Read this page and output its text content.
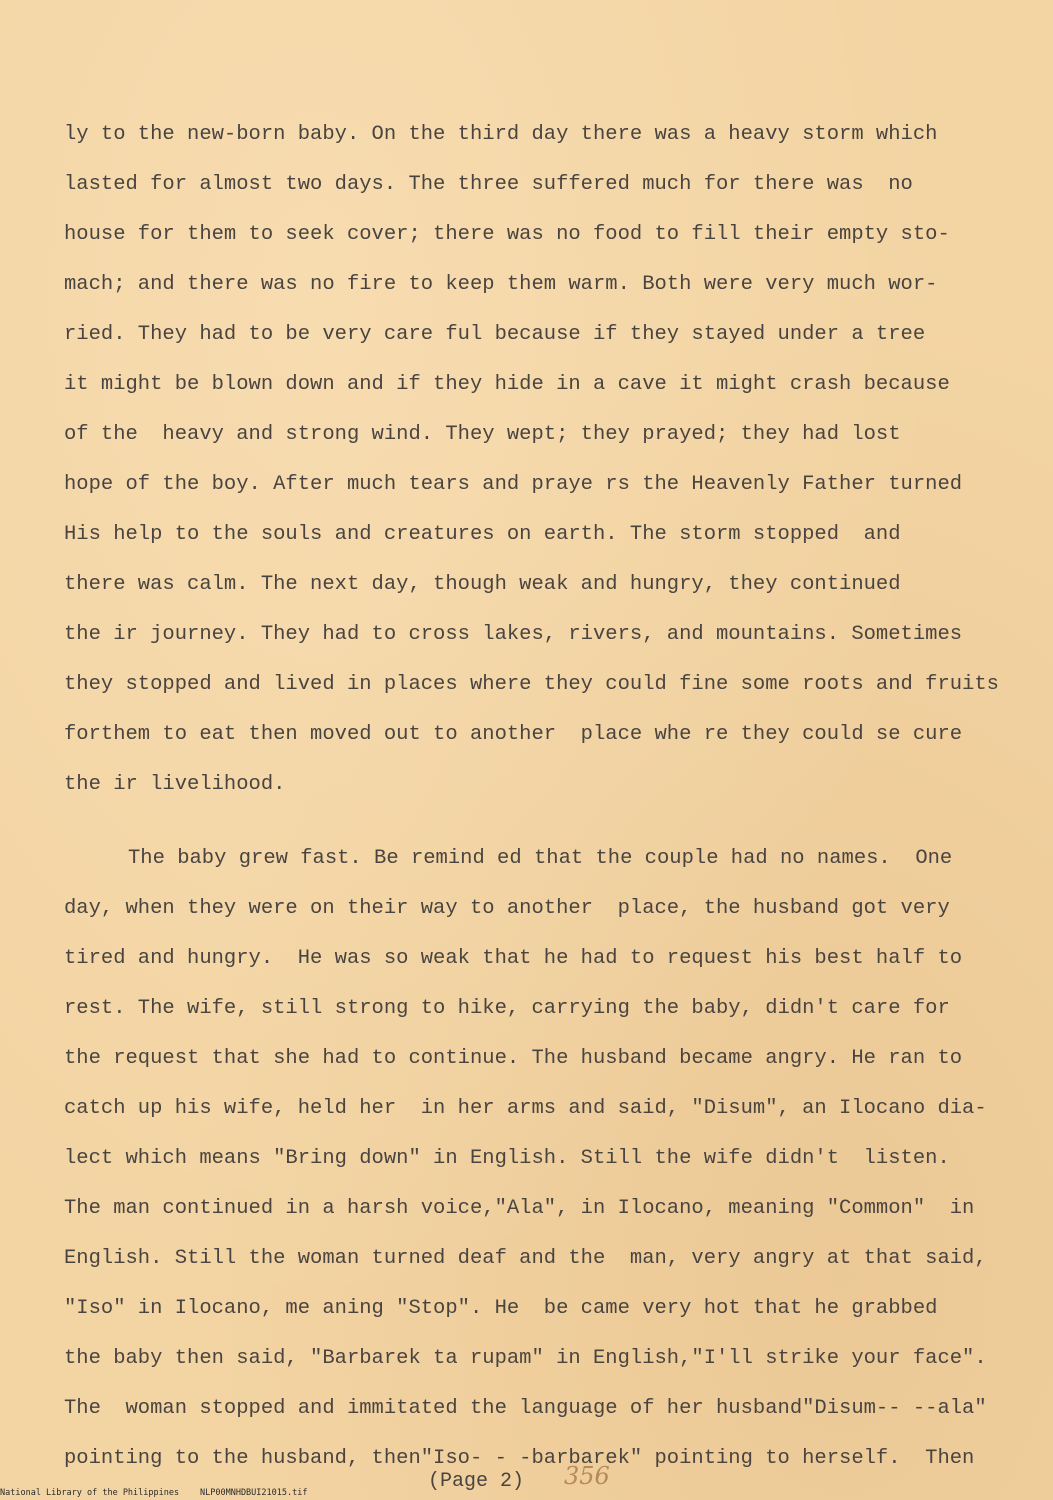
ly to the new-born baby. On the third day there was a heavy storm which
lasted for almost two days. The three suffered much for there was  no
house for them to seek cover; there was no food to fill their empty sto-
mach; and there was no fire to keep them warm. Both were very much wor-
ried. They had to be very care ful because if they stayed under a tree
it might be blown down and if they hide in a cave it might crash because
of the  heavy and strong wind. They wept; they prayed; they had lost
hope of the boy. After much tears and praye rs the Heavenly Father turned
His help to the souls and creatures on earth. The storm stopped  and
there was calm. The next day, though weak and hungry, they continued
the ir journey. They had to cross lakes, rivers, and mountains. Sometimes
they stopped and lived in places where they could fine some roots and fruits
forthem to eat then moved out to another  place whe re they could se cure
the ir livelihood.
The baby grew fast. Be remind ed that the couple had no names.  One
day, when they were on their way to another  place, the husband got very
tired and hungry.  He was so weak that he had to request his best half to
rest. The wife, still strong to hike, carrying the baby, didn't care for
the request that she had to continue. The husband became angry. He ran to
catch up his wife, held her  in her arms and said, "Disum", an Ilocano dia-
lect which means "Bring down" in English. Still the wife didn't  listen.
The man continued in a harsh voice,"Ala", in Ilocano, meaning "Common"  in
English. Still the woman turned deaf and the  man, very angry at that said,
"Iso" in Ilocano, me aning "Stop". He  be came very hot that he grabbed
the baby then said, "Barbarek ta rupam" in English,"I'll strike your face".
The  woman stopped and immitated the language of her husband"Disum-- --ala"
pointing to the husband, then"Iso- - -barbarek" pointing to herself.  Then
(Page 2) 356
National Library of the Philippines NLP00MNHDBUI21015.tif
